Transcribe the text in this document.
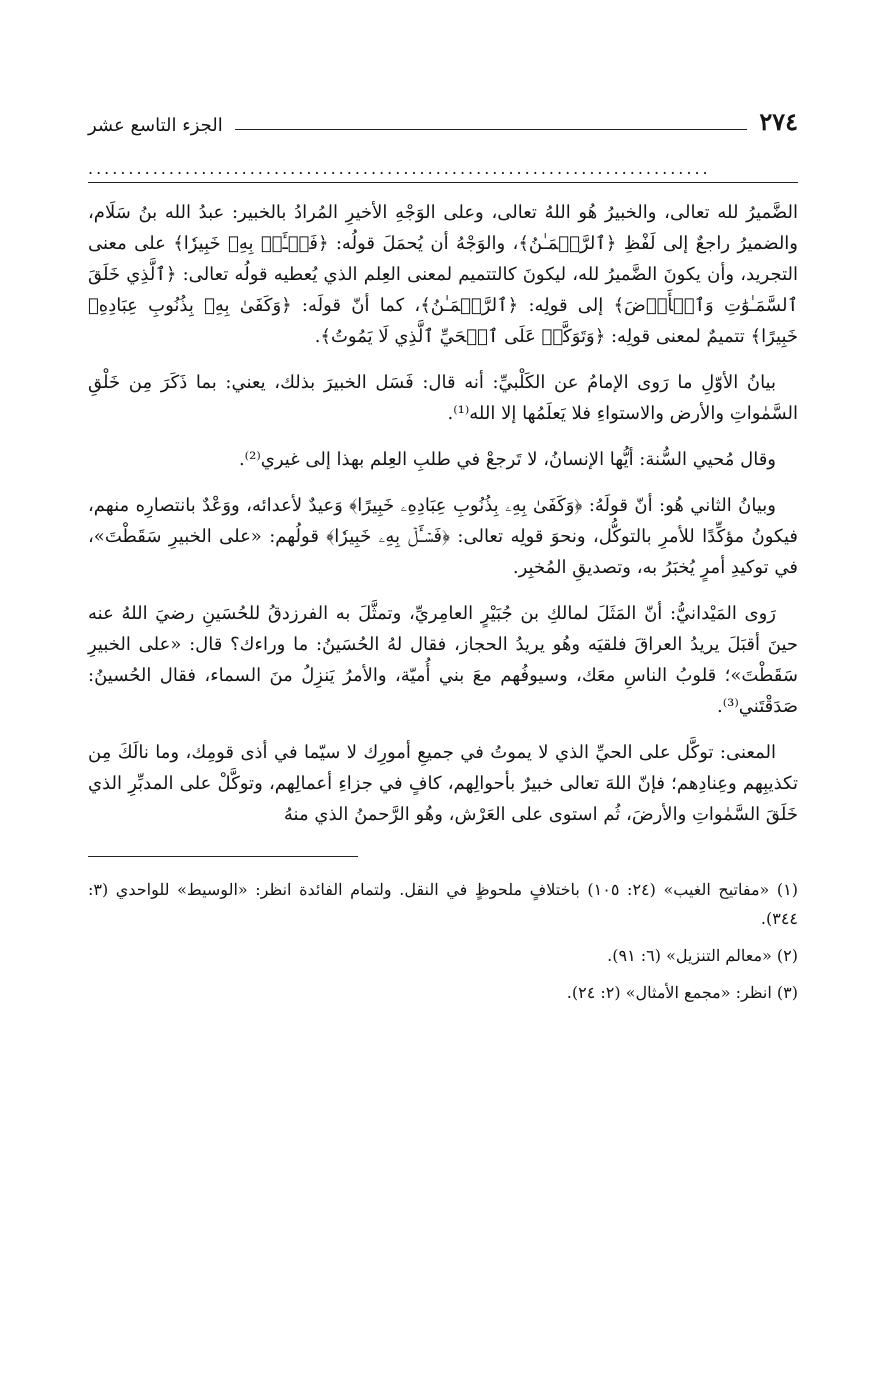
٢٧٤
الجزء التاسع عشر
.............................................................................

الضَّميرُ لله تعالى، والخبيرُ هُو اللهُ تعالى، وعلى الوَجْهِ الأخيرِ المُرادُ بالخبير: عبدُ الله بنُ سَلَام، والضميرُ راجعٌ إلى لَفْظِ ﴿ٱلرَّحۡمَـٰنُ﴾، والوَجْهُ أن يُحمَلَ قولُه: ﴿فَسۡـَٔلۡ بِهِۦ خَبِيرٗا﴾ على معنى التجريد، وأن يكونَ الضَّميرُ لله، ليكونَ كالتتميم لمعنى العِلم الذي يُعطيه قولُه تعالى: ﴿ٱلَّذِي خَلَقَ ٱلسَّمَـٰوَٰتِ وَٱلۡأَرۡضَ﴾ إلى قولِه: ﴿ٱلرَّحۡمَـٰنُ﴾، كما أنّ قولَه: ﴿وَكَفَىٰ بِهِۦ بِذُنُوبِ عِبَادِهِۦ خَبِيرًا﴾ تتميمٌ لمعنى قولِه: ﴿وَتَوَكَّلۡ عَلَى ٱلۡحَيِّ ٱلَّذِي لَا يَمُوتُ﴾.

بيانُ الأوّلِ ما رَوى الإمامُ عن الكَلْبيِّ: أنه قال: فَسَل الخبيرَ بذلك، يعني: بما ذَكَرَ مِن خَلْقِ السَّمٰواتِ والأرض والاستواءِ فلا يَعلَمُها إلا الله⁽¹⁾.

وقال مُحيي السُّنة: أيُّها الإنسانُ، لا تَرجعْ في طلبِ العِلم بهذا إلى غيري⁽²⁾.

وبيانُ الثاني هُو: أنّ قولَهُ: ﴿وَكَفَىٰ بِهِۦ بِذُنُوبِ عِبَادِهِۦ خَبِيرًا﴾ وَعيدٌ لأعدائه، ووَعْدٌ بانتصارِه منهم، فيكونُ مؤكِّدًا للأمرِ بالتوكُّل، ونحوَ قولِه تعالى: ﴿فَسۡـَٔلۡ بِهِۦ خَبِيرٗا﴾ قولُهم: «على الخبيرِ سَقَطْتَ»، في توكيدِ أمرٍ يُخبَرُ به، وتصديقِ المُخبِر.

رَوى المَيْدانيُّ: أنّ المَثَلَ لمالكِ بن جُبَيْرٍ العامِريِّ، وتمثَّلَ به الفرزدقُ للحُسَينِ رضيَ اللهُ عنه حينَ أقبَلَ يريدُ العراقَ فلقيَه وهُو يريدُ الحجاز، فقال لهُ الحُسَينُ: ما وراءك؟ قال: «على الخبيرِ سَقَطْتَ»؛ قلوبُ الناسِ معَك، وسيوفُهم معَ بني أُميّة، والأمرُ يَنزِلُ منَ السماء، فقال الحُسينُ: صَدَقْتَني⁽³⁾.

المعنى: توكَّل على الحيِّ الذي لا يموتُ في جميعِ أمورِك لا سيّما في أذى قومِك، وما نالَكَ مِن تكذيبِهم وعِنادِهم؛ فإنّ اللهَ تعالى خبيرٌ بأحوالِهم، كافٍ في جزاءِ أعمالِهم، وتوكَّلْ على المدبِّرِ الذي خَلَقَ السَّمٰواتِ والأرضَ، ثُم استوى على العَرْش، وهُو الرَّحمنُ الذي منهُ

(١) «مفاتيح الغيب» (٢٤: ١٠٥) باختلافٍ ملحوظٍ في النقل. ولتمام الفائدة انظر: «الوسيط» للواحدي (٣: ٣٤٤).

(٢) «معالم التنزيل» (٦: ٩١).

(٣) انظر: «مجمع الأمثال» (٢: ٢٤).
